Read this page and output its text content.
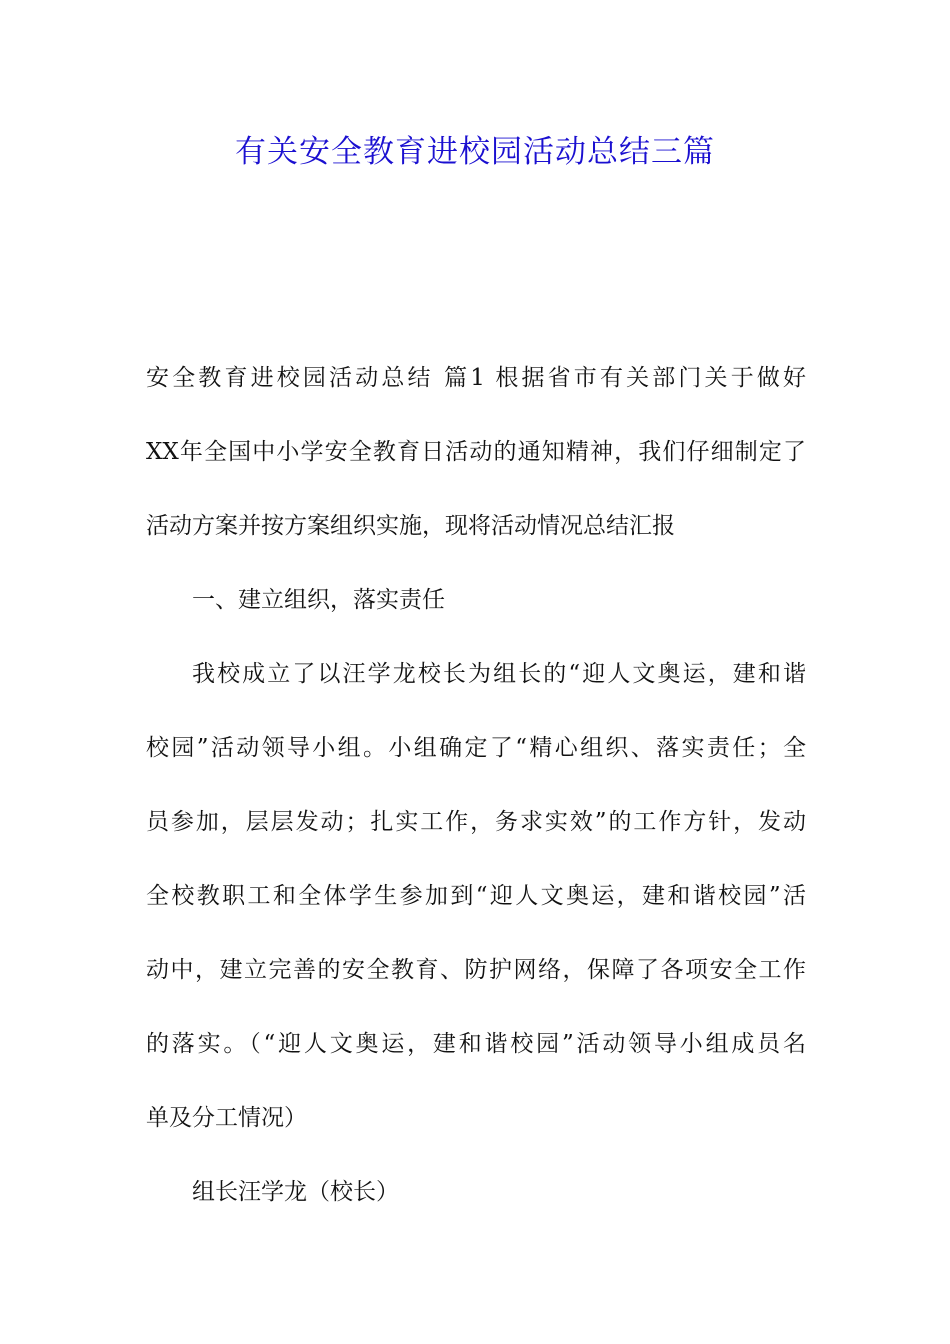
有关安全教育进校园活动总结三篇
安全教育进校园活动总结 篇1 根据省市有关部门关于做好
XX年全国中小学安全教育日活动的通知精神，我们仔细制定了
活动方案并按方案组织实施，现将活动情况总结汇报
一、建立组织，落实责任
我校成立了以汪学龙校长为组长的“迎人文奥运，建和谐
校园”活动领导小组。小组确定了“精心组织、落实责任；全
员参加，层层发动；扎实工作，务求实效”的工作方针，发动
全校教职工和全体学生参加到“迎人文奥运，建和谐校园”活
动中，建立完善的安全教育、防护网络，保障了各项安全工作
的落实。（“迎人文奥运，建和谐校园”活动领导小组成员名
单及分工情况）
组长汪学龙（校长）
